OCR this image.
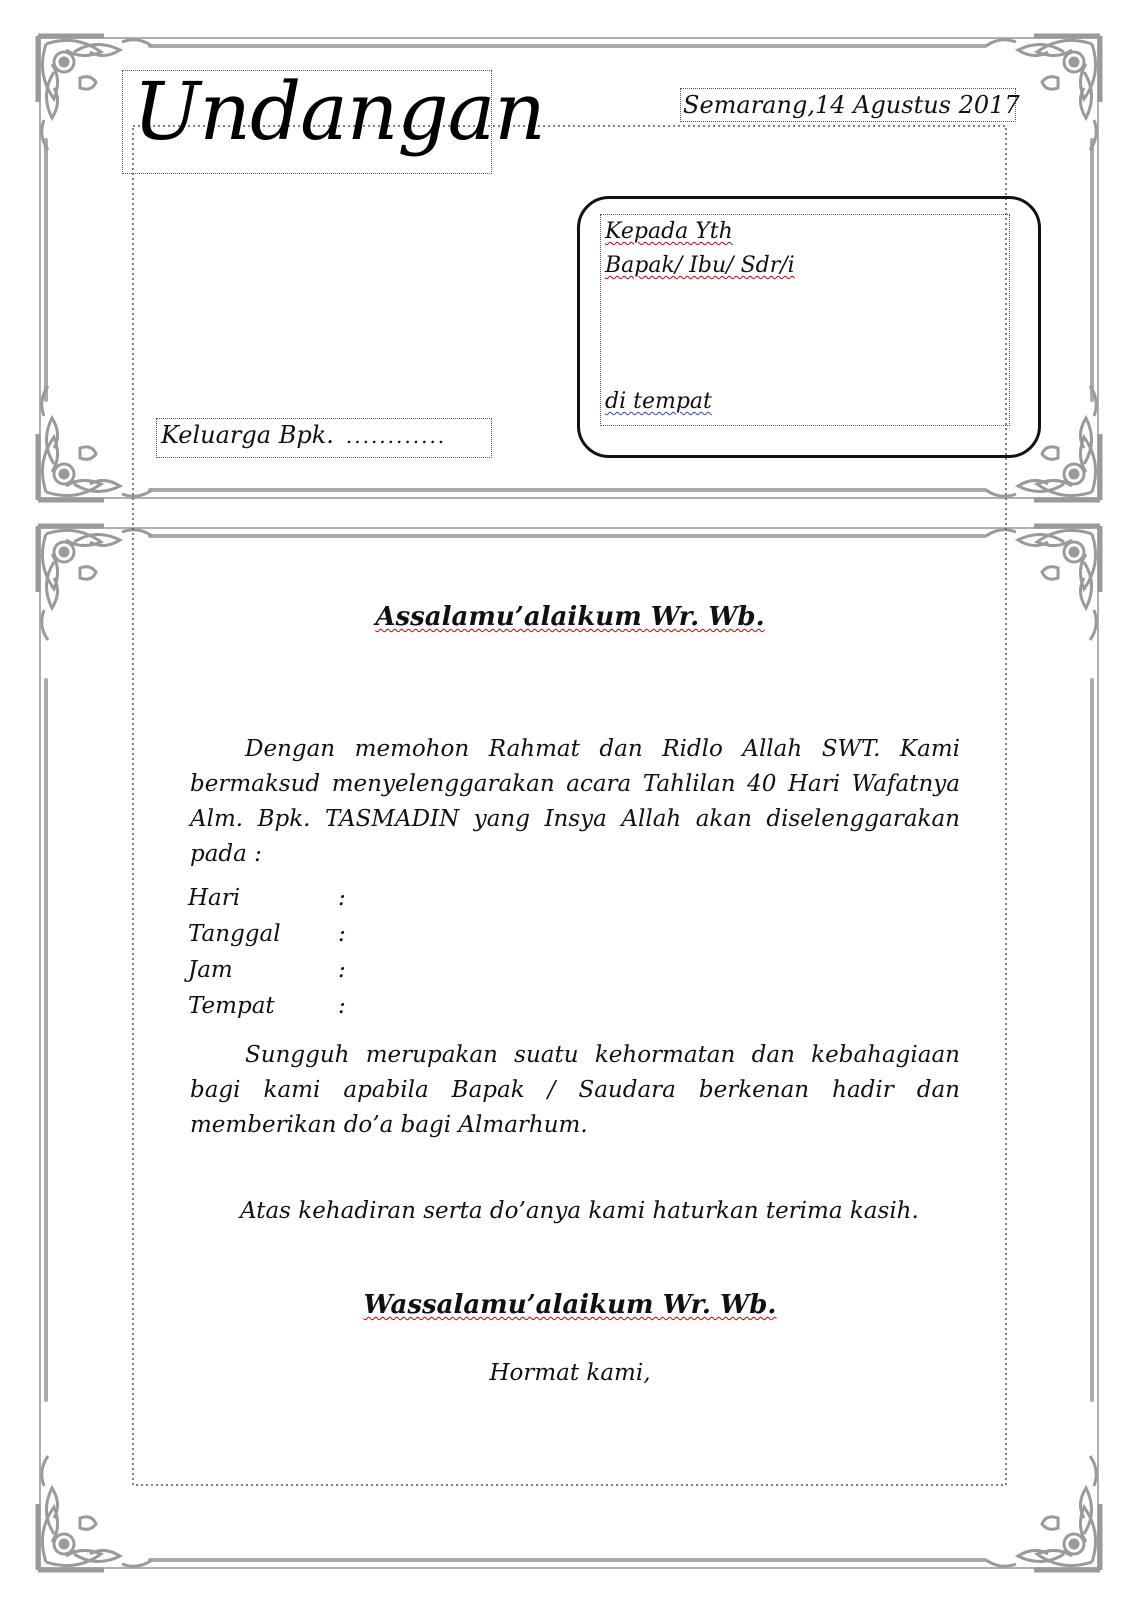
Undangan	Semarang,14 Agustus 2017
Keluarga Bpk. ............
Kepada Yth
Bapak/ Ibu/ Sdr/i
di tempat
Assalamu’alaikum Wr. Wb.
Dengan memohon Rahmat dan Ridlo Allah SWT. Kami bermaksud menyelenggarakan acara Tahlilan 40 Hari Wafatnya Alm. Bpk. TASMADIN yang Insya Allah akan diselenggarakan pada :
Hari	:
Tanggal	:
Jam	:
Tempat	:
Sungguh merupakan suatu kehormatan dan kebahagiaan bagi kami apabila Bapak / Saudara berkenan hadir dan memberikan do’a bagi Almarhum.
Atas kehadiran serta do’anya kami haturkan terima kasih.
Wassalamu’alaikum Wr. Wb.
Hormat kami,
